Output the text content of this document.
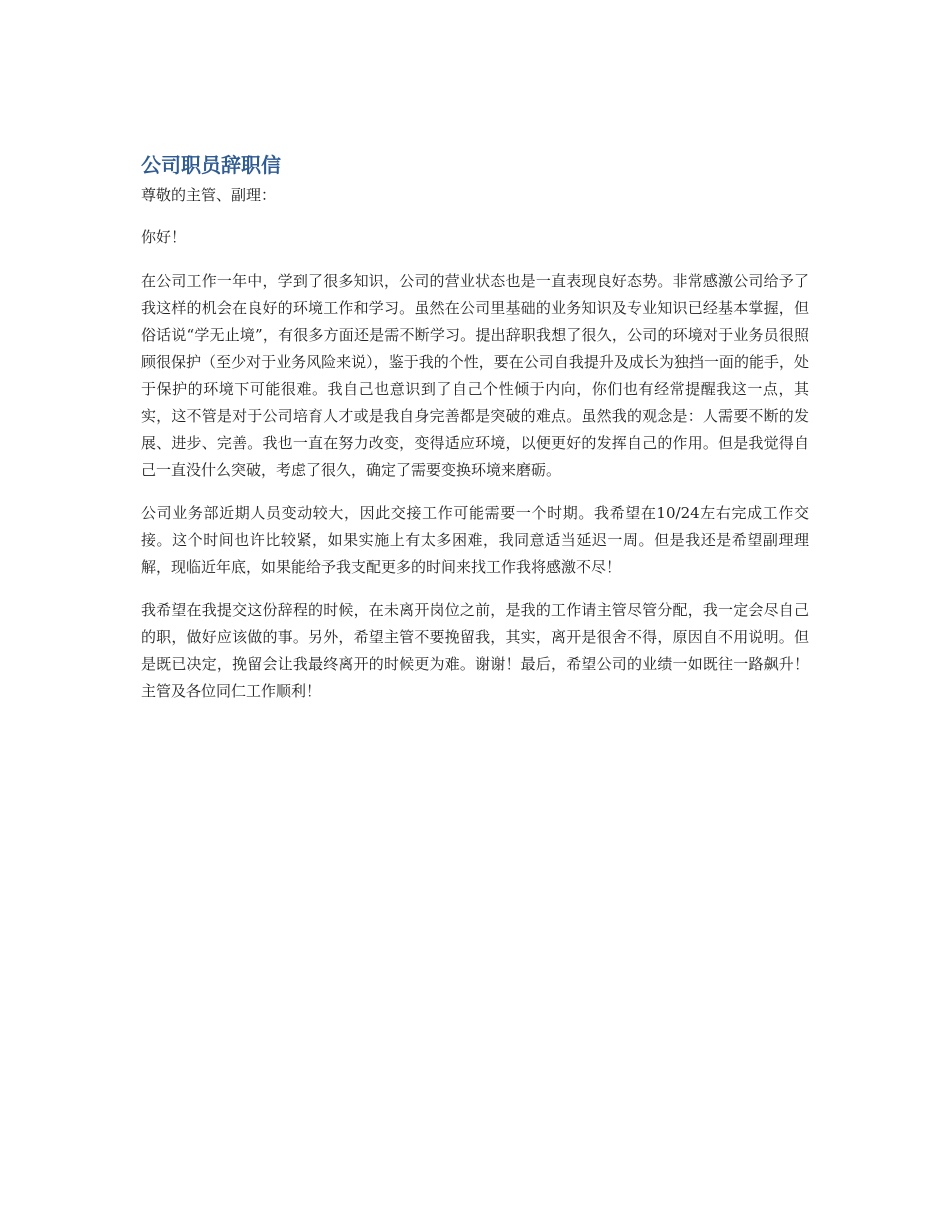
公司职员辞职信

尊敬的主管、副理：

你好！

在公司工作一年中，学到了很多知识，公司的营业状态也是一直表现良好态势。非常感激公司给予了我这样的机会在良好的环境工作和学习。虽然在公司里基础的业务知识及专业知识已经基本掌握，但俗话说“学无止境”，有很多方面还是需不断学习。提出辞职我想了很久，公司的环境对于业务员很照顾很保护（至少对于业务风险来说），鉴于我的个性，要在公司自我提升及成长为独挡一面的能手，处于保护的环境下可能很难。我自己也意识到了自己个性倾于内向，你们也有经常提醒我这一点，其实，这不管是对于公司培育人才或是我自身完善都是突破的难点。虽然我的观念是：人需要不断的发展、进步、完善。我也一直在努力改变，变得适应环境，以便更好的发挥自己的作用。但是我觉得自己一直没什么突破，考虑了很久，确定了需要变换环境来磨砺。

公司业务部近期人员变动较大，因此交接工作可能需要一个时期。我希望在10/24左右完成工作交接。这个时间也许比较紧，如果实施上有太多困难，我同意适当延迟一周。但是我还是希望副理理解，现临近年底，如果能给予我支配更多的时间来找工作我将感激不尽！

我希望在我提交这份辞程的时候，在未离开岗位之前，是我的工作请主管尽管分配，我一定会尽自己的职，做好应该做的事。另外，希望主管不要挽留我，其实，离开是很舍不得，原因自不用说明。但是既已决定，挽留会让我最终离开的时候更为难。谢谢！最后，希望公司的业绩一如既往一路飙升！主管及各位同仁工作顺利！
